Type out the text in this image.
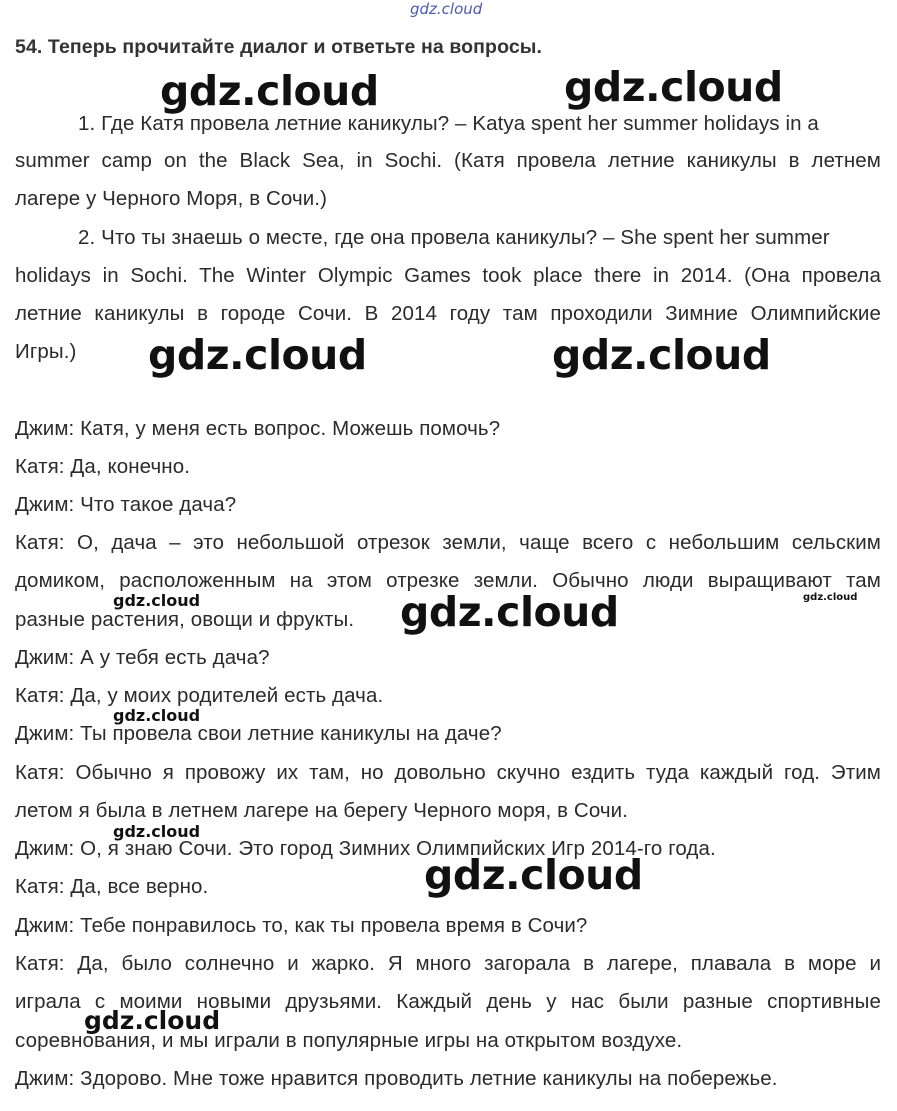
gdz.cloud
54. Теперь прочитайте диалог и ответьте на вопросы.
1. Где Катя провела летние каникулы? – Katya spent her summer holidays in a
summer camp on the Black Sea, in Sochi. (Катя провела летние каникулы в летнем
лагере у Черного Моря, в Сочи.)
2. Что ты знаешь о месте, где она провела каникулы? – She spent her summer
holidays in Sochi. The Winter Olympic Games took place there in 2014. (Она провела
летние каникулы в городе Сочи. В 2014 году там проходили Зимние Олимпийские
Игры.)
Джим: Катя, у меня есть вопрос. Можешь помочь?
Катя: Да, конечно.
Джим: Что такое дача?
Катя: О, дача – это небольшой отрезок земли, чаще всего с небольшим сельским
домиком, расположенным на этом отрезке земли. Обычно люди выращивают там
разные растения, овощи и фрукты.
Джим: А у тебя есть дача?
Катя: Да, у моих родителей есть дача.
Джим: Ты провела свои летние каникулы на даче?
Катя: Обычно я провожу их там, но довольно скучно ездить туда каждый год. Этим
летом я была в летнем лагере на берегу Черного моря, в Сочи.
Джим: О, я знаю Сочи. Это город Зимних Олимпийских Игр 2014-го года.
Катя: Да, все верно.
Джим: Тебе понравилось то, как ты провела время в Сочи?
Катя: Да, было солнечно и жарко. Я много загорала в лагере, плавала в море и
играла с моими новыми друзьями. Каждый день у нас были разные спортивные
соревнования, и мы играли в популярные игры на открытом воздухе.
Джим: Здорово. Мне тоже нравится проводить летние каникулы на побережье.
gdz.cloud	gdz.cloud
gdz.cloud	gdz.cloud
gdz.cloud
gdz.cloud
gdz.cloud	gdz.cloud
gdz.cloud
gdz.cloud
gdz.cloud
